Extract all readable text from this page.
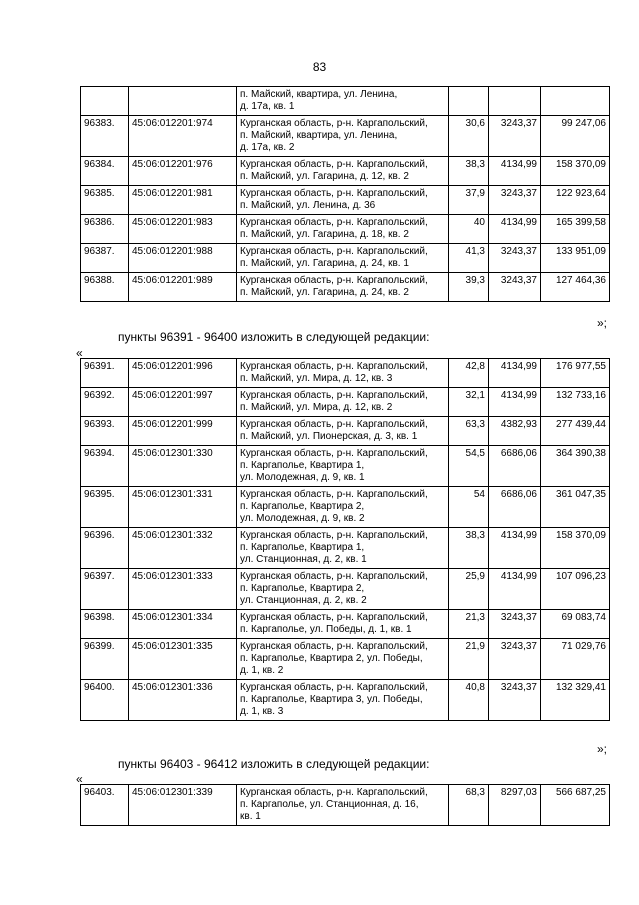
83
		п. Майский, квартира, ул. Ленина,
д. 17а, кв. 1			
96383.	45:06:012201:974	Курганская область, р-н. Каргапольский,
п. Майский, квартира, ул. Ленина,
д. 17а, кв. 2	30,6	3243,37	99 247,06
96384.	45:06:012201:976	Курганская область, р-н. Каргапольский,
п. Майский, ул. Гагарина, д. 12, кв. 2	38,3	4134,99	158 370,09
96385.	45:06:012201:981	Курганская область, р-н. Каргапольский,
п. Майский, ул. Ленина, д. 36	37,9	3243,37	122 923,64
96386.	45:06:012201:983	Курганская область, р-н. Каргапольский,
п. Майский, ул. Гагарина, д. 18, кв. 2	40	4134,99	165 399,58
96387.	45:06:012201:988	Курганская область, р-н. Каргапольский,
п. Майский, ул. Гагарина, д. 24, кв. 1	41,3	3243,37	133 951,09
96388.	45:06:012201:989	Курганская область, р-н. Каргапольский,
п. Майский, ул. Гагарина, д. 24, кв. 2	39,3	3243,37	127 464,36
»;
пункты 96391 - 96400 изложить в следующей редакции:
«
96391.	45:06:012201:996	Курганская область, р-н. Каргапольский,
п. Майский, ул. Мира, д. 12, кв. 3	42,8	4134,99	176 977,55
96392.	45:06:012201:997	Курганская область, р-н. Каргапольский,
п. Майский, ул. Мира, д. 12, кв. 2	32,1	4134,99	132 733,16
96393.	45:06:012201:999	Курганская область, р-н. Каргапольский,
п. Майский, ул. Пионерская, д. 3, кв. 1	63,3	4382,93	277 439,44
96394.	45:06:012301:330	Курганская область, р-н. Каргапольский,
п. Каргаполье, Квартира 1,
ул. Молодежная, д. 9, кв. 1	54,5	6686,06	364 390,38
96395.	45:06:012301:331	Курганская область, р-н. Каргапольский,
п. Каргаполье, Квартира 2,
ул. Молодежная, д. 9, кв. 2	54	6686,06	361 047,35
96396.	45:06:012301:332	Курганская область, р-н. Каргапольский,
п. Каргаполье, Квартира 1,
ул. Станционная, д. 2, кв. 1	38,3	4134,99	158 370,09
96397.	45:06:012301:333	Курганская область, р-н. Каргапольский,
п. Каргаполье, Квартира 2,
ул. Станционная, д. 2, кв. 2	25,9	4134,99	107 096,23
96398.	45:06:012301:334	Курганская область, р-н. Каргапольский,
п. Каргаполье, ул. Победы, д. 1, кв. 1	21,3	3243,37	69 083,74
96399.	45:06:012301:335	Курганская область, р-н. Каргапольский,
п. Каргаполье, Квартира 2, ул. Победы,
д. 1, кв. 2	21,9	3243,37	71 029,76
96400.	45:06:012301:336	Курганская область, р-н. Каргапольский,
п. Каргаполье, Квартира 3, ул. Победы,
д. 1, кв. 3	40,8	3243,37	132 329,41
»;
пункты 96403 - 96412 изложить в следующей редакции:
«
96403.	45:06:012301:339	Курганская область, р-н. Каргапольский,
п. Каргаполье, ул. Станционная, д. 16,
кв. 1	68,3	8297,03	566 687,25
